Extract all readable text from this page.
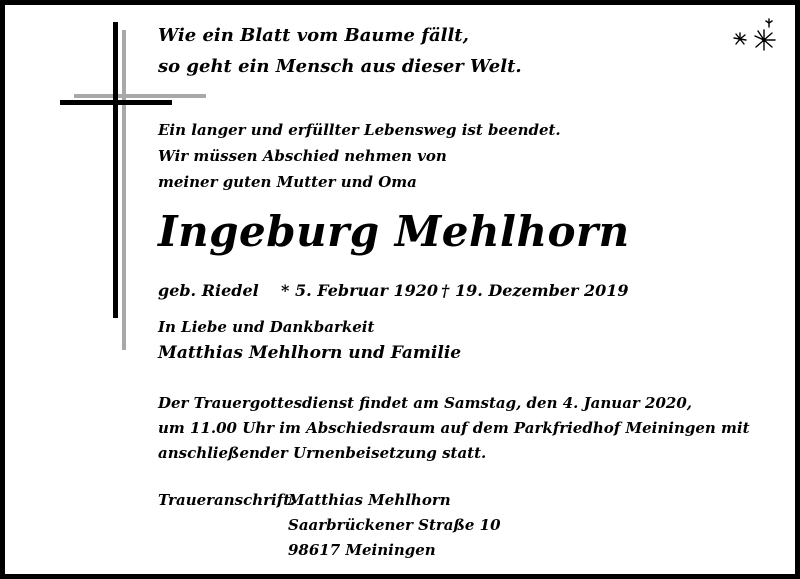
Wie ein Blatt vom Baume fällt,
so geht ein Mensch aus dieser Welt.
Ein langer und erfüllter Lebensweg ist beendet.
Wir müssen Abschied nehmen von
meiner guten Mutter und Oma
Ingeburg Mehlhorn
geb. Riedel * 5. Februar 1920 † 19. Dezember 2019
In Liebe und Dankbarkeit
Matthias Mehlhorn und Familie
Der Trauergottesdienst findet am Samstag, den 4. Januar 2020,
um 11.00 Uhr im Abschiedsraum auf dem Parkfriedhof Meiningen mit
anschließender Urnenbeisetzung statt.
Traueranschrift:
Matthias Mehlhorn
Saarbrückener Straße 10
98617 Meiningen
